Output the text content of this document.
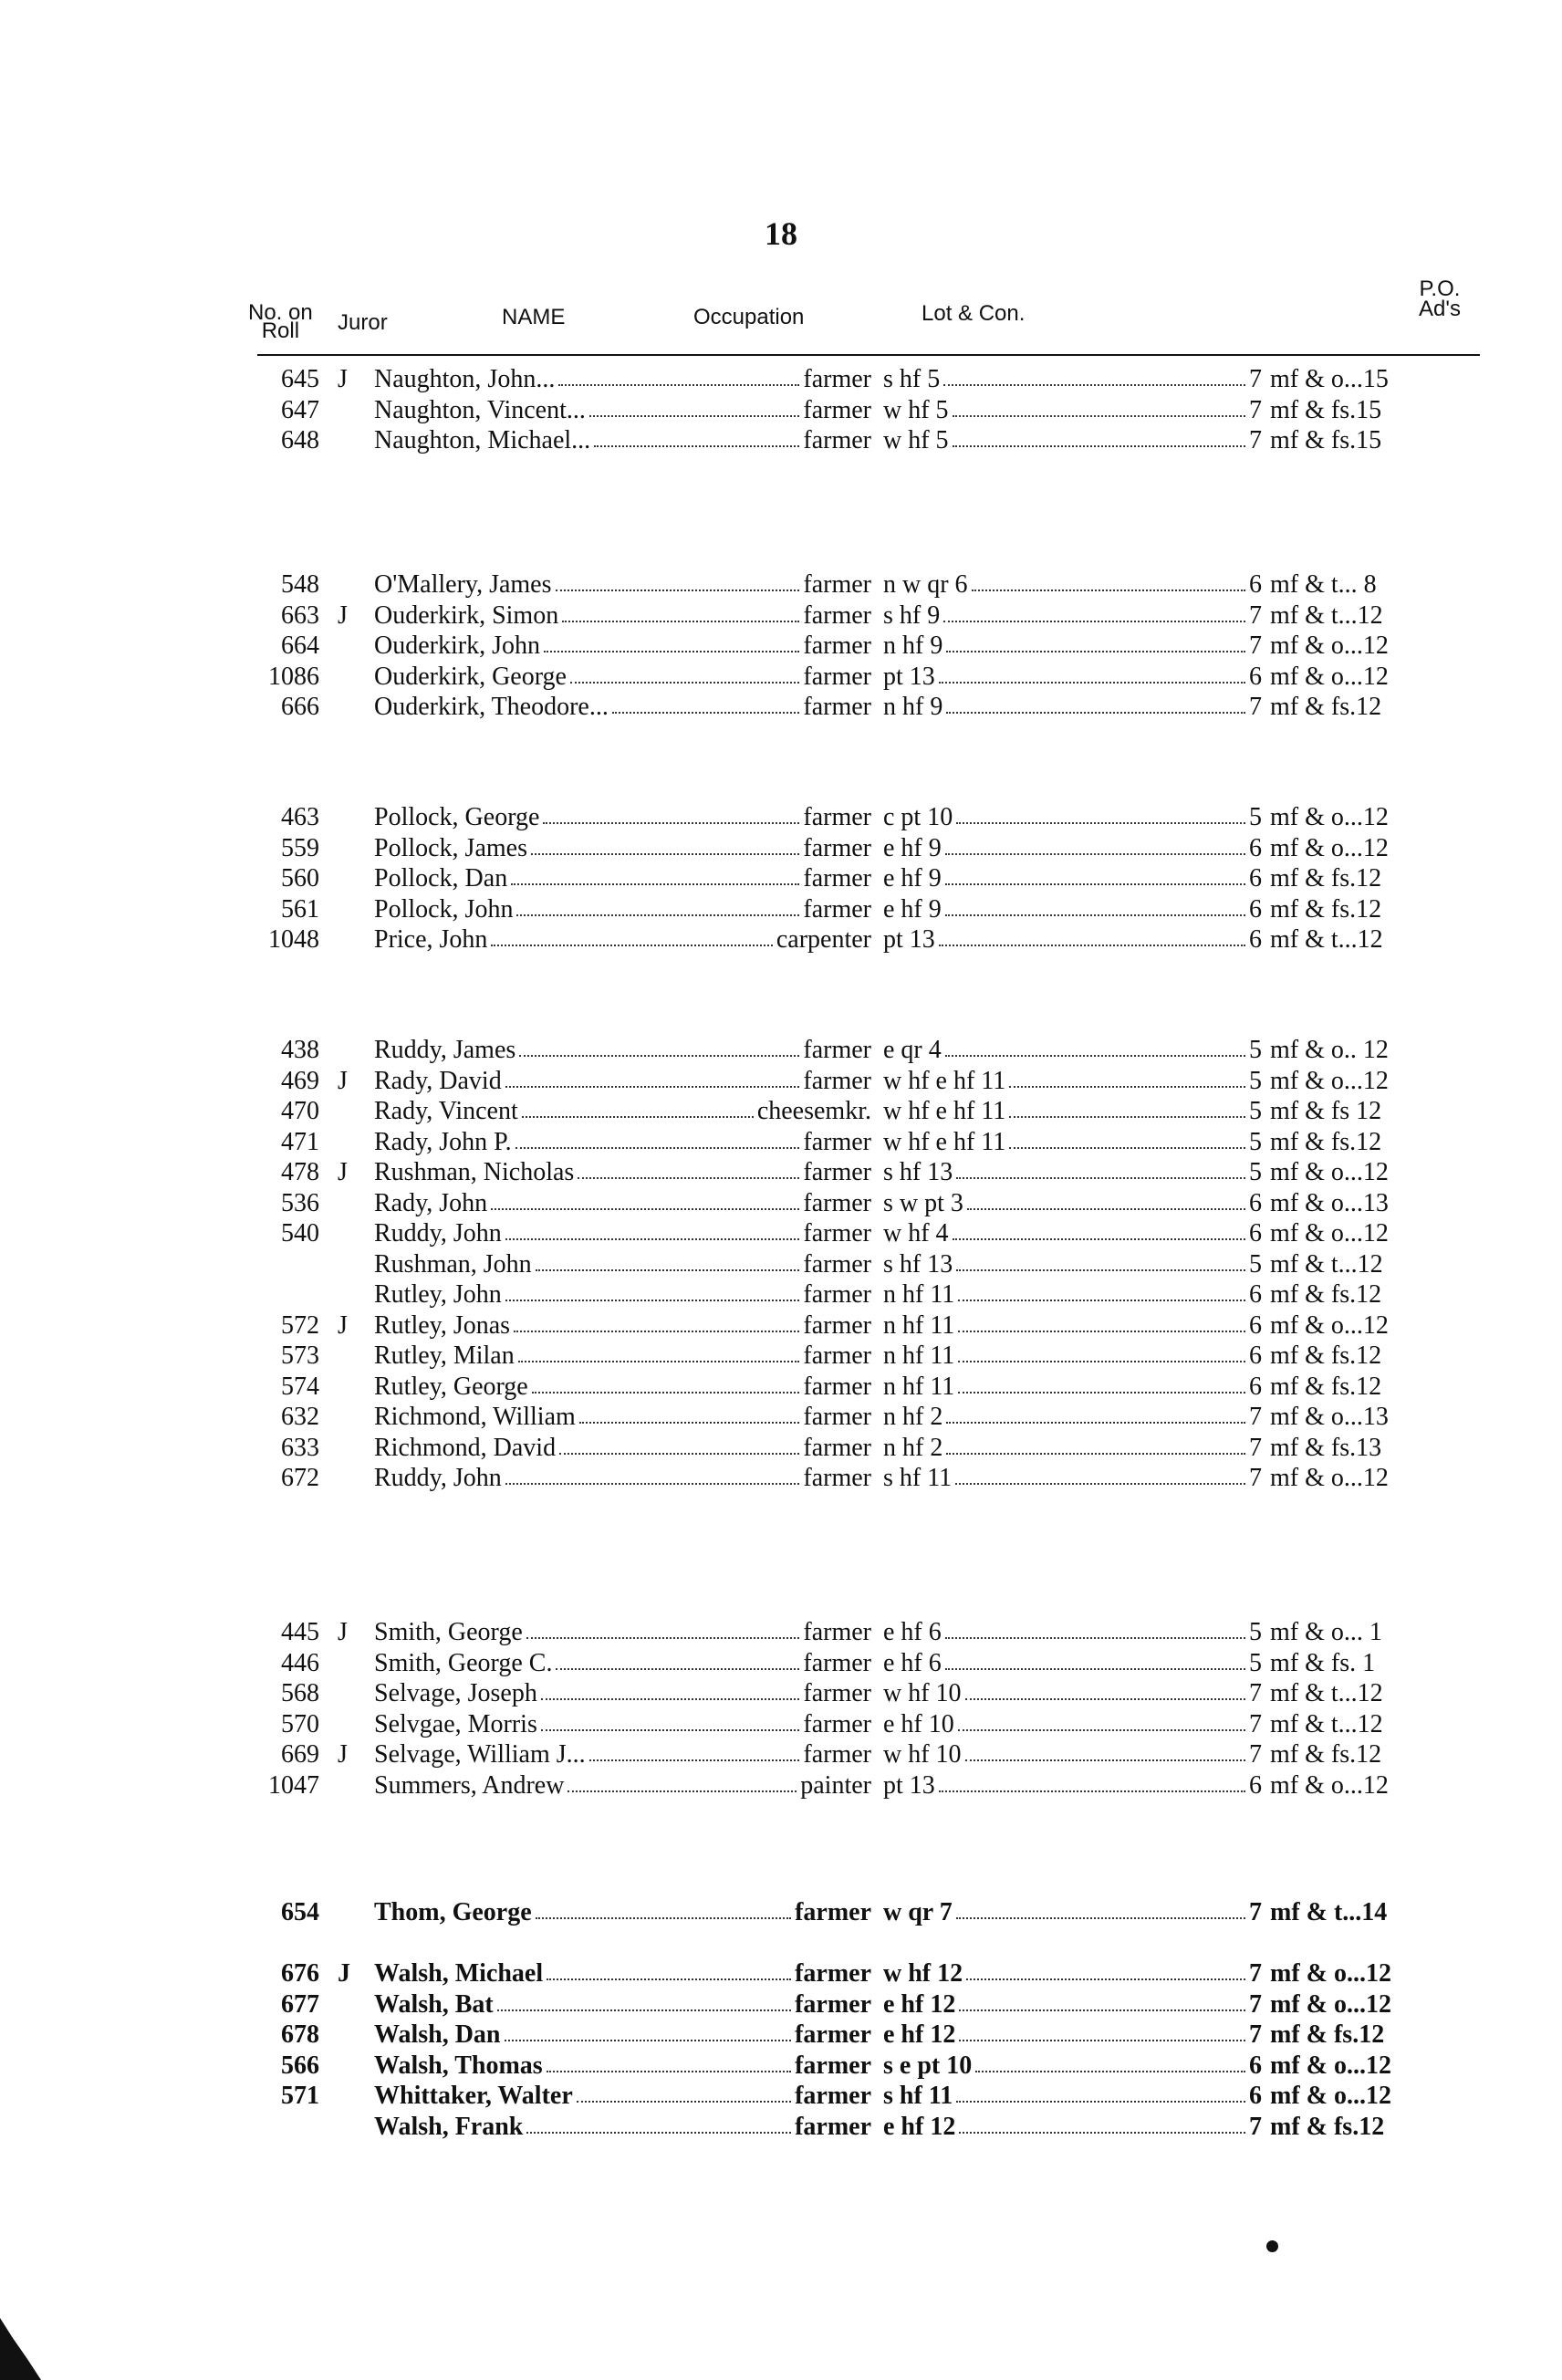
18
No. on
Roll	Juror	NAME	Occupation	Lot & Con.
P.O.
Ad's
645 J	Naughton, John...	farmer s hf 5	7 mf & o...15
647 Naughton, Vincent...	farmer w hf 5	7 mf & fs.15
648 Naughton, Michael...	farmer w hf 5	7 mf & fs.15
548 O'Mallery, James	farmer n w qr 6	6 mf & t... 8
663 J	Ouderkirk, Simon	farmer s hf 9	7 mf & t...12
664 Ouderkirk, John	farmer n hf 9	7 mf & o...12
1086 Ouderkirk, George	farmer pt 13	6 mf & o...12
666 Ouderkirk, Theodore...	farmer n hf 9	7 mf & fs.12
463 Pollock, George	farmer c pt 10	5 mf & o...12
559 Pollock, James	farmer e hf 9	6 mf & o...12
560 Pollock, Dan	farmer e hf 9	6 mf & fs.12
561 Pollock, John	farmer e hf 9	6 mf & fs.12
1048 Price, John	carpenter pt 13	6 mf & t...12
438 Ruddy, James	farmer e qr 4	5 mf & o.. 12
469 J	Rady, David	farmer w hf e hf 11	5 mf & o...12
470 Rady, Vincent	cheesemkr. w hf e hf 11	5 mf & fs 12
471 Rady, John P.	farmer w hf e hf 11	5 mf & fs.12
478 J	Rushman, Nicholas	farmer s hf 13	5 mf & o...12
536 Rady, John	farmer s w pt 3	6 mf & o...13
540 Ruddy, John	farmer w hf 4	6 mf & o...12
Rushman, John	farmer s hf 13	5 mf & t...12
Rutley, John	farmer n hf 11	6 mf & fs.12
572 J	Rutley, Jonas	farmer n hf 11	6 mf & o...12
573 Rutley, Milan	farmer n hf 11	6 mf & fs.12
574 Rutley, George	farmer n hf 11	6 mf & fs.12
632 Richmond, William	farmer n hf 2	7 mf & o...13
633 Richmond, David	farmer n hf 2	7 mf & fs.13
672 Ruddy, John	farmer s hf 11	7 mf & o...12
445 J	Smith, George	farmer e hf 6	5 mf & o... 1
446 Smith, George C.	farmer e hf 6	5 mf & fs. 1
568 Selvage, Joseph	farmer w hf 10	7 mf & t...12
570 Selvgae, Morris	farmer e hf 10	7 mf & t...12
669 J	Selvage, William J...	farmer w hf 10	7 mf & fs.12
1047 Summers, Andrew	painter pt 13	6 mf & o...12
654 Thom, George	farmer w qr 7	7 mf & t...14
676 J Walsh, Michael	farmer w hf 12	7 mf & o...12
677 Walsh, Bat	farmer e hf 12	7 mf & o...12
678 Walsh, Dan	farmer e hf 12	7 mf & fs.12
566 Walsh, Thomas	farmer s e pt 10	6 mf & o...12
571 Whittaker, Walter	farmer s hf 11	6 mf & o...12
Walsh, Frank	farmer e hf 12	7 mf & fs.12
